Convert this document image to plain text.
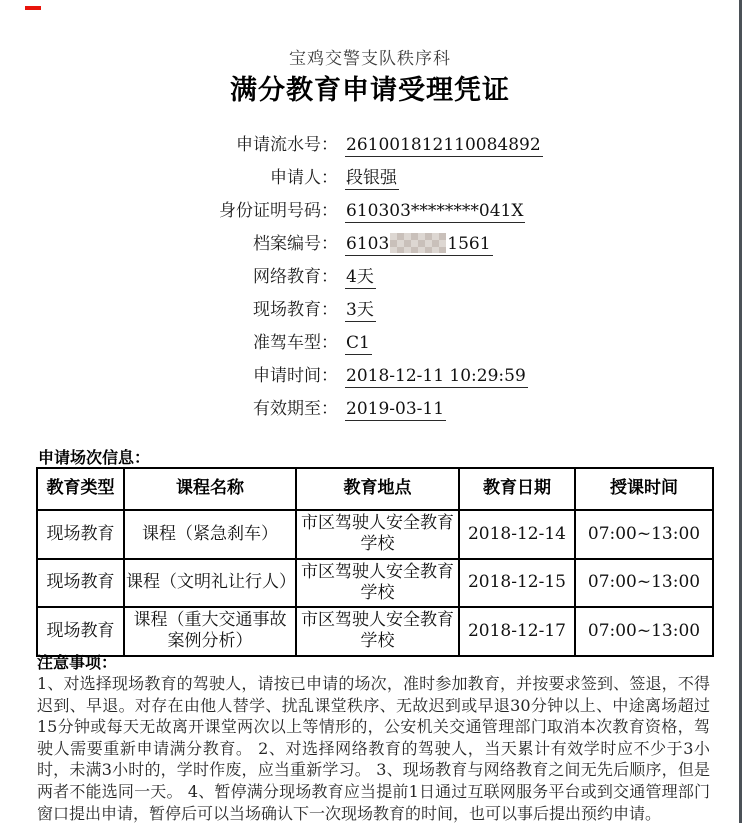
宝鸡交警支队秩序科
满分教育申请受理凭证
申请流水号： 261001812110084892
申请人： 段银强
身份证明号码： 610303********041X
档案编号： 6103	1561
网络教育： 4天
现场教育： 3天
准驾车型： C1
申请时间： 2018-12-11 10:29:59
有效期至： 2019-03-11
申请场次信息：
教育类型	课程名称	教育地点	教育日期	授课时间
现场教育	课程（紧急刹车）	市区驾驶人安全教育学校	2018-12-14	07:00~13:00
现场教育	课程（文明礼让行人）	市区驾驶人安全教育学校	2018-12-15	07:00~13:00
现场教育	课程（重大交通事故案例分析）	市区驾驶人安全教育学校	2018-12-17	07:00~13:00
注意事项：
1、对选择现场教育的驾驶人，请按已申请的场次，准时参加教育，并按要求签到、签退，不得迟到、早退。对存在由他人替学、扰乱课堂秩序、无故迟到或早退30分钟以上、中途离场超过15分钟或每天无故离开课堂两次以上等情形的，公安机关交通管理部门取消本次教育资格，驾驶人需要重新申请满分教育。 2、对选择网络教育的驾驶人，当天累计有效学时应不少于3小时，未满3小时的，学时作废，应当重新学习。 3、现场教育与网络教育之间无先后顺序，但是两者不能选同一天。 4、暂停满分现场教育应当提前1日通过互联网服务平台或到交通管理部门窗口提出申请，暂停后可以当场确认下一次现场教育的时间，也可以事后提出预约申请。
